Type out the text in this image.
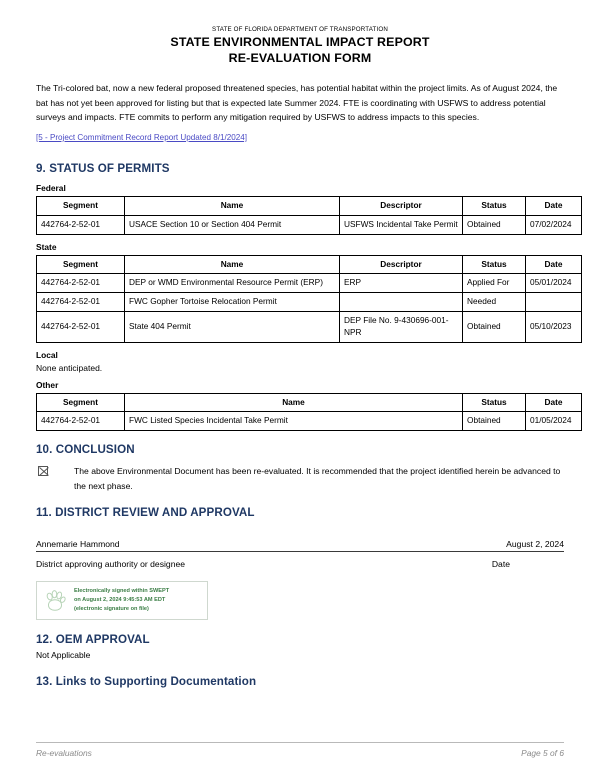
STATE OF FLORIDA DEPARTMENT OF TRANSPORTATION
STATE ENVIRONMENTAL IMPACT REPORT
RE-EVALUATION FORM

The Tri-colored bat, now a new federal proposed threatened species, has potential habitat within the project limits. As of August 2024, the bat has not yet been approved for listing but that is expected late Summer 2024. FTE is coordinating with USFWS to address potential surveys and impacts. FTE commits to perform any mitigation required by USFWS to address impacts to this species.

[5 - Project Commitment Record Report Updated 8/1/2024]
9. STATUS OF PERMITS
Federal
Segment	Name	Descriptor	Status	Date
442764-2-52-01	USACE Section 10 or Section 404 Permit	USFWS Incidental Take Permit	Obtained	07/02/2024
State
Segment	Name	Descriptor	Status	Date
442764-2-52-01	DEP or WMD Environmental Resource Permit (ERP)	ERP	Applied For	05/01/2024
442764-2-52-01	FWC Gopher Tortoise Relocation Permit		Needed	
442764-2-52-01	State 404 Permit	DEP File No. 9-430696-001-NPR	Obtained	05/10/2023
Local
None anticipated.
Other
Segment	Name	Status	Date
442764-2-52-01	FWC Listed Species Incidental Take Permit	Obtained	01/05/2024
10. CONCLUSION
The above Environmental Document has been re-evaluated. It is recommended that the project identified herein be advanced to the next phase.
11. DISTRICT REVIEW AND APPROVAL
Annemarie Hammond	August 2, 2024
District approving authority or designee	Date
Electronically signed within SWEPT
on August 2, 2024 9:45:53 AM EDT
(electronic signature on file)
12. OEM APPROVAL
Not Applicable
13. Links to Supporting Documentation
Re-evaluations	Page 5 of 6
